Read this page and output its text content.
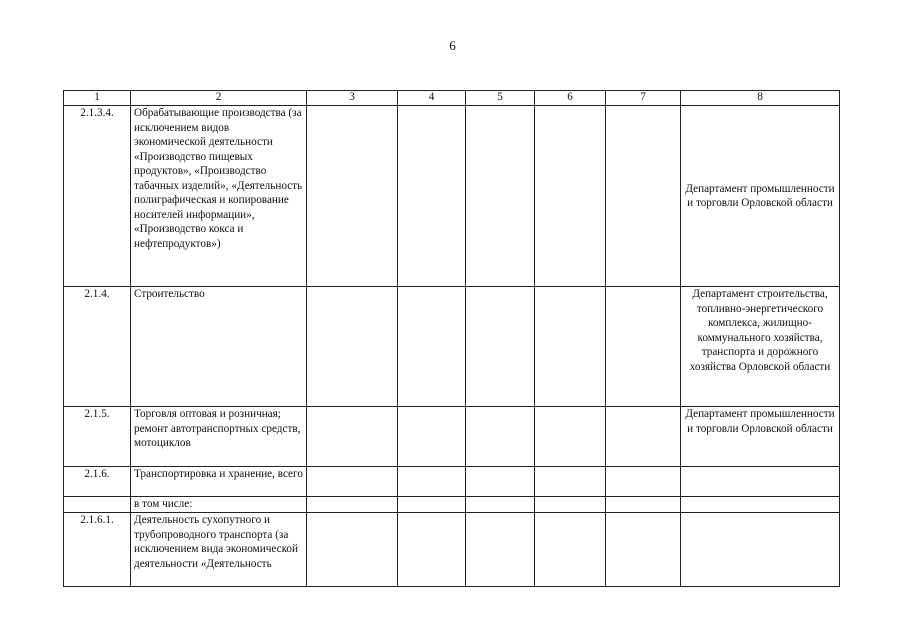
6
1	2	3	4	5	6	7	8
2.1.3.4.	Обрабатывающие производства (за исключением видов экономической деятельности «Производство пищевых продуктов», «Производство табачных изделий», «Деятельность полиграфическая и копирование носителей информации», «Производство кокса и нефтепродуктов»)						Департамент промышленности и торговли Орловской области
2.1.4.	Строительство						Департамент строительства, топливно-энергетического комплекса, жилищно-коммунального хозяйства, транспорта и дорожного хозяйства Орловской области
2.1.5.	Торговля оптовая и розничная; ремонт автотранспортных средств, мотоциклов						Департамент промышленности и торговли Орловской области
2.1.6.	Транспортировка и хранение, всего						
	в том числе:						
2.1.6.1.	Деятельность сухопутного и трубопроводного транспорта (за исключением вида экономической деятельности «Деятельность						
